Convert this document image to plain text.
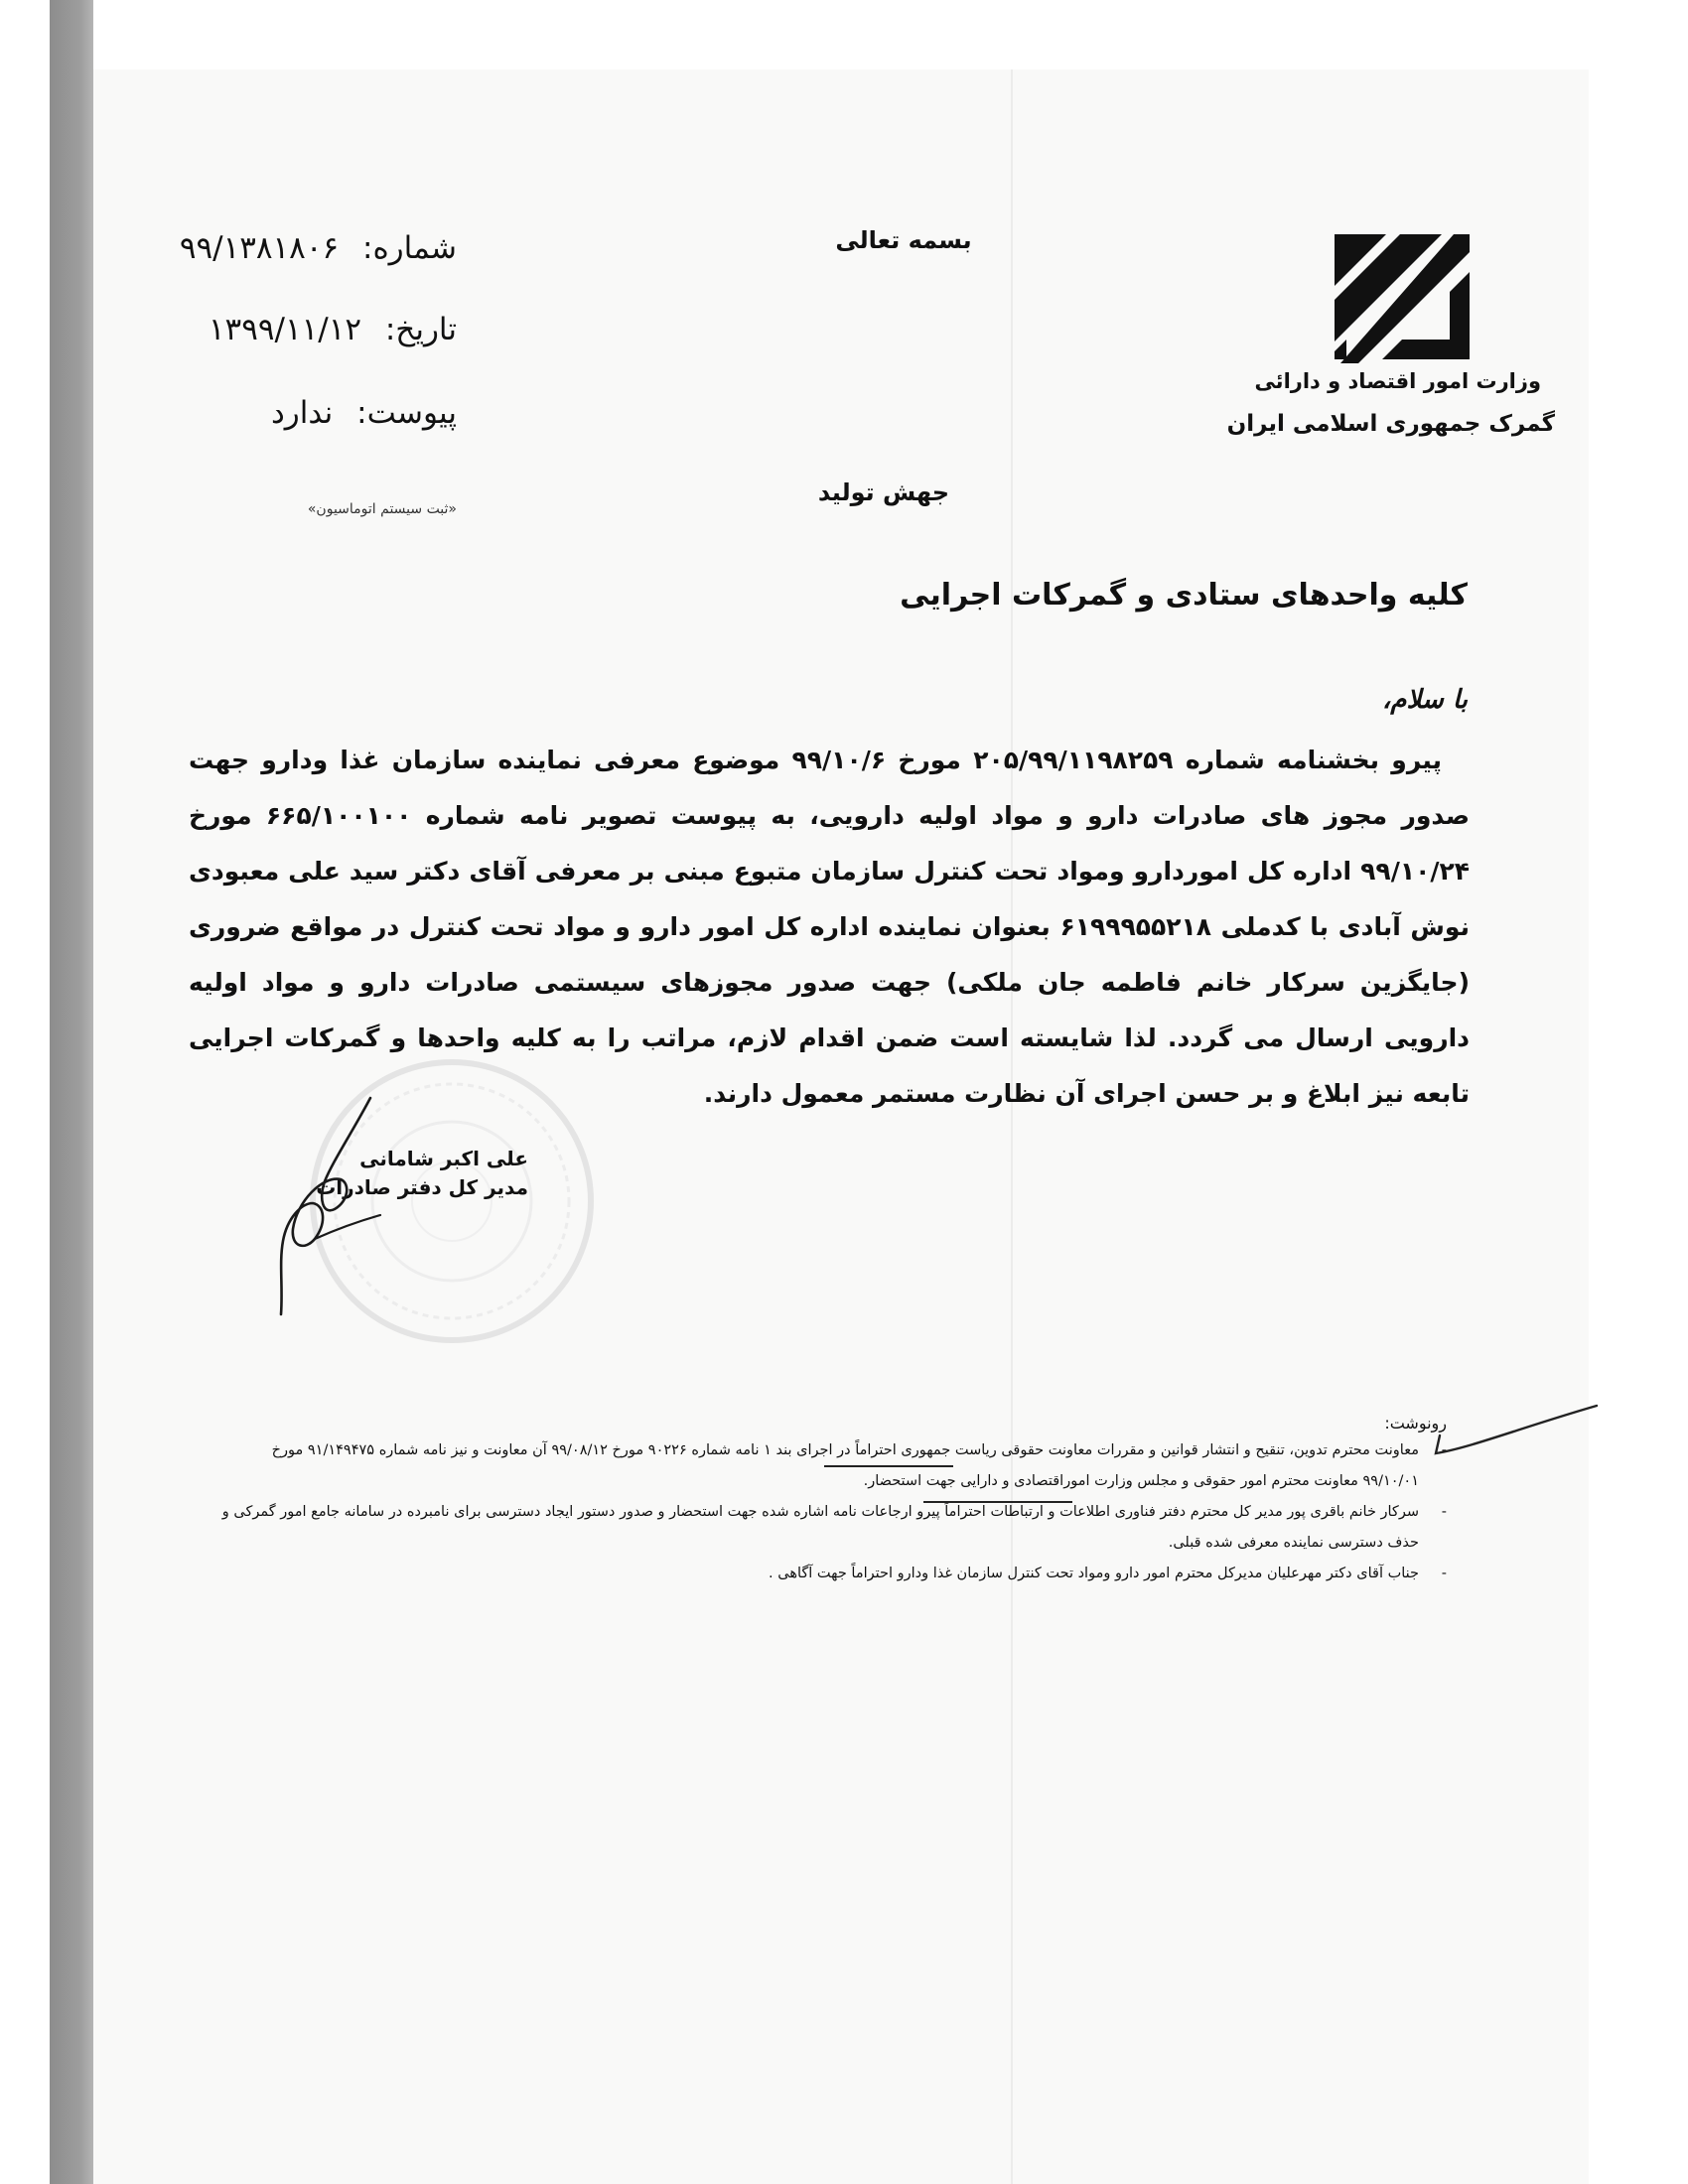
وزارت امور اقتصاد و دارائی
گمرک جمهوری اسلامی ایران
بسمه تعالی
جهش تولید
شماره: ۹۹/۱۳۸۱۸۰۶
تاریخ: ۱۳۹۹/۱۱/۱۲
پیوست: ندارد
«ثبت سیستم اتوماسیون»
کلیه واحدهای ستادی و گمرکات اجرایی
با سلام،
پیرو بخشنامه شماره ۲۰۵/۹۹/۱۱۹۸۲۵۹ مورخ ۹۹/۱۰/۶ موضوع معرفی نماینده سازمان غذا ودارو جهت صدور مجوز های صادرات دارو و مواد اولیه دارویی، به پیوست تصویر نامه شماره ۶۶۵/۱۰۰۱۰۰ مورخ ۹۹/۱۰/۲۴ اداره کل اموردارو ومواد تحت کنترل سازمان متبوع مبنی بر معرفی آقای دکتر سید علی معبودی نوش آبادی با کدملی ۶۱۹۹۹۵۵۲۱۸ بعنوان نماینده اداره کل امور دارو و مواد تحت کنترل در مواقع ضروری (جایگزین سرکار خانم فاطمه جان ملکی) جهت صدور مجوزهای سیستمی صادرات دارو و مواد اولیه دارویی ارسال می گردد. لذا شایسته است ضمن اقدام لازم، مراتب را به کلیه واحدها و گمرکات اجرایی تابعه نیز ابلاغ و بر حسن اجرای آن نظارت مستمر معمول دارند.
علی اکبر شامانی
مدیر کل دفتر صادرات
رونوشت:
-
معاونت محترم تدوین، تنقیح و انتشار قوانین و مقررات معاونت حقوقی ریاست جمهوری احتراماً در اجرای بند ۱ نامه شماره ۹۰۲۲۶ مورخ ۹۹/۰۸/۱۲ آن معاونت و نیز نامه شماره ۹۱/۱۴۹۴۷۵ مورخ ۹۹/۱۰/۰۱ معاونت محترم امور حقوقی و مجلس وزارت اموراقتصادی و دارایی جهت استحضار.
-
سرکار خانم باقری پور مدیر کل محترم دفتر فناوری اطلاعات و ارتباطات احتراماً پیرو ارجاعات نامه اشاره شده جهت استحضار و صدور دستور ایجاد دسترسی برای نامبرده در سامانه جامع امور گمرکی و حذف دسترسی نماینده معرفی شده قبلی.
-
جناب آقای دکتر مهرعلیان مدیرکل محترم امور دارو ومواد تحت کنترل سازمان غذا ودارو احتراماً جهت آگاهی .
